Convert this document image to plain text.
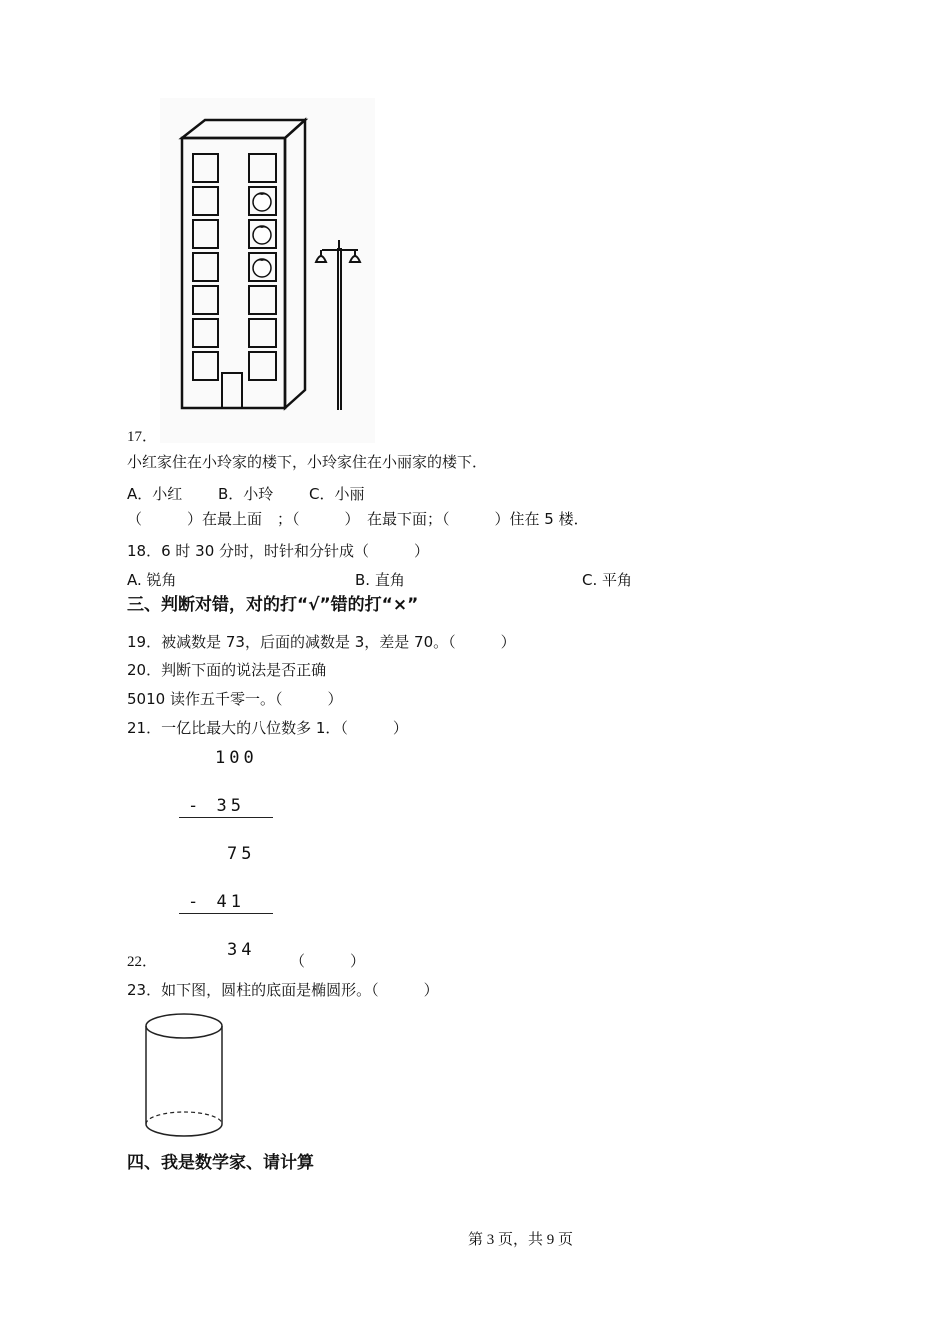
17．
小红家住在小玲家的楼下，小玲家住在小丽家的楼下．
A．小红 B．小玲 C．小丽
（　　　）在最上面　；（　　　）　在最下面；（　　　）住在 5 楼．
18．6 时 30 分时，时针和分针成（　　　）
A. 锐角	B. 直角	C. 平角
三、判断对错，对的打“√”错的打“×”
19．被减数是 73，后面的减数是 3，差是 70。（　　　）
20．判断下面的说法是否正确
5010 读作五千零一。（　　　）
21．一亿比最大的八位数多 1．（　　　）
100
- 35
75
- 41
34
22．	（　　　）
23．如下图，圆柱的底面是椭圆形。（　　　）
四、我是数学家、请计算
第 3 页，共 9 页
